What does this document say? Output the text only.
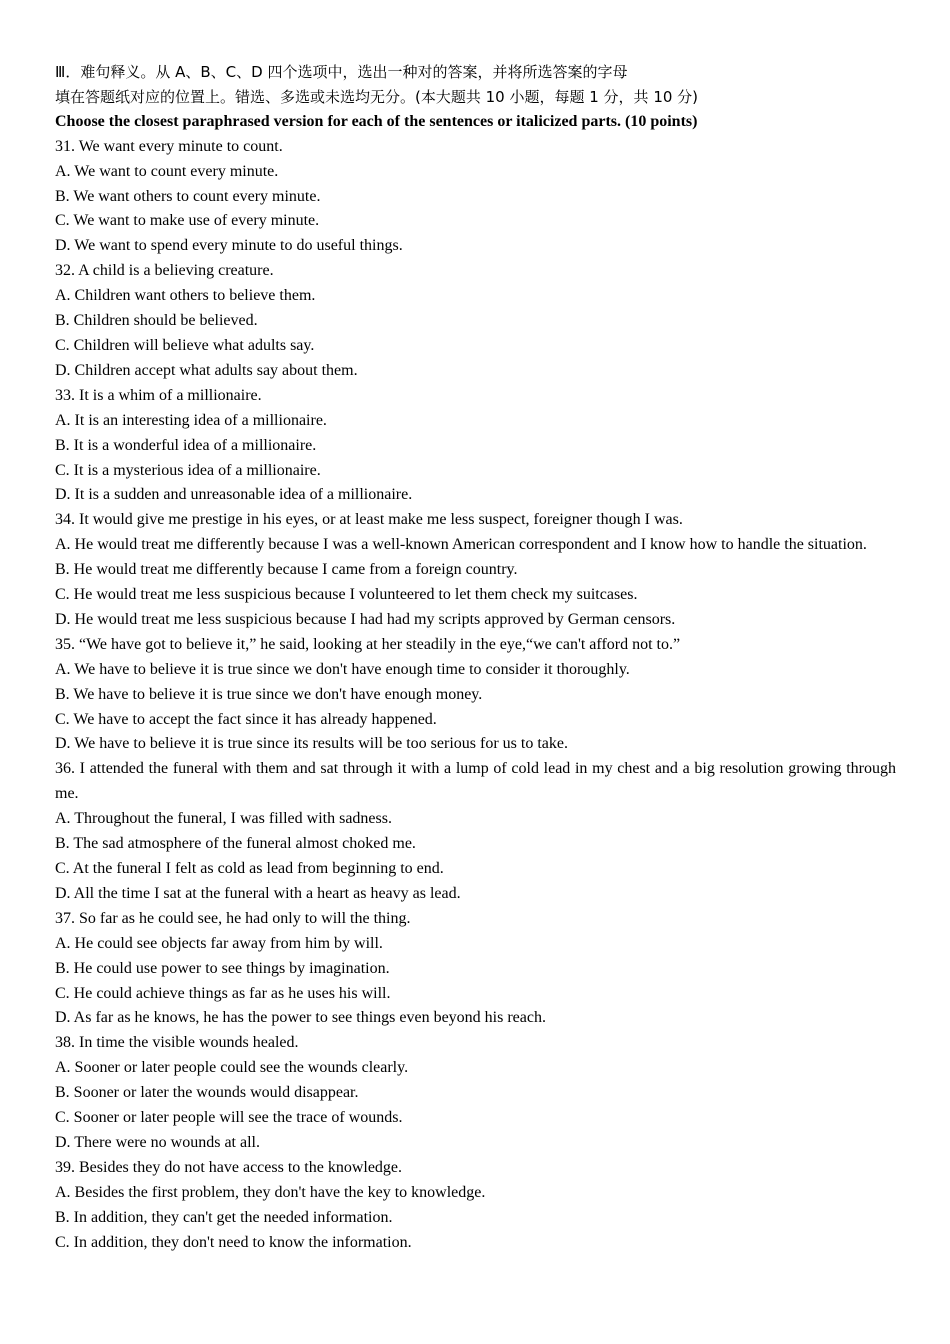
Ⅲ．难句释义。从 A、B、C、D 四个选项中，选出一种对的答案，并将所选答案的字母
填在答题纸对应的位置上。错选、多选或未选均无分。(本大题共 10 小题，每题 1 分，共 10 分)
Choose the closest paraphrased version for each of the sentences or italicized parts. (10 points)
31. We want every minute to count.
A. We want to count every minute.
B. We want others to count every minute.
C. We want to make use of every minute.
D. We want to spend every minute to do useful things.
32. A child is a believing creature.
A. Children want others to believe them.
B. Children should be believed.
C. Children will believe what adults say.
D. Children accept what adults say about them.
33. It is a whim of a millionaire.
A. It is an interesting idea of a millionaire.
B. It is a wonderful idea of a millionaire.
C. It is a mysterious idea of a millionaire.
D. It is a sudden and unreasonable idea of a millionaire.
34. It would give me prestige in his eyes, or at least make me less suspect, foreigner though I was.
A. He would treat me differently because I was a well-known American correspondent and I know how to handle the situation.
B. He would treat me differently because I came from a foreign country.
C. He would treat me less suspicious because I volunteered to let them check my suitcases.
D. He would treat me less suspicious because I had had my scripts approved by German censors.
35. “We have got to believe it,” he said, looking at her steadily in the eye,“we can't afford not to.”
A. We have to believe it is true since we don't have enough time to consider it thoroughly.
B. We have to believe it is true since we don't have enough money.
C. We have to accept the fact since it has already happened.
D. We have to believe it is true since its results will be too serious for us to take.
36. I attended the funeral with them and sat through it with a lump of cold lead in my chest and a big resolution growing through me.
A. Throughout the funeral, I was filled with sadness.
B. The sad atmosphere of the funeral almost choked me.
C. At the funeral I felt as cold as lead from beginning to end.
D. All the time I sat at the funeral with a heart as heavy as lead.
37. So far as he could see, he had only to will the thing.
A. He could see objects far away from him by will.
B. He could use power to see things by imagination.
C. He could achieve things as far as he uses his will.
D. As far as he knows, he has the power to see things even beyond his reach.
38. In time the visible wounds healed.
A. Sooner or later people could see the wounds clearly.
B. Sooner or later the wounds would disappear.
C. Sooner or later people will see the trace of wounds.
D. There were no wounds at all.
39. Besides they do not have access to the knowledge.
A. Besides the first problem, they don't have the key to knowledge.
B. In addition, they can't get the needed information.
C. In addition, they don't need to know the information.
